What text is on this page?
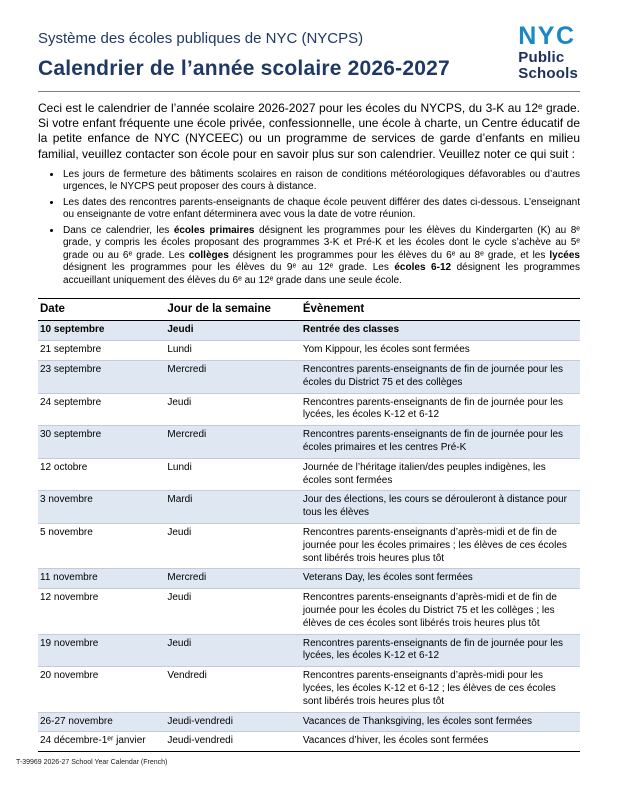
Système des écoles publiques de NYC (NYCPS)
Calendrier de l’année scolaire 2026-2027
NYC
Public
Schools

Ceci est le calendrier de l’année scolaire 2026-2027 pour les écoles du NYCPS, du 3-K au 12ᵉ grade. Si votre enfant fréquente une école privée, confessionnelle, une école à charte, un Centre éducatif de la petite enfance de NYC (NYCEEC) ou un programme de services de garde d’enfants en milieu familial, veuillez contacter son école pour en savoir plus sur son calendrier. Veuillez noter ce qui suit :

• Les jours de fermeture des bâtiments scolaires en raison de conditions météorologiques défavorables ou d’autres urgences, le NYCPS peut proposer des cours à distance.
• Les dates des rencontres parents-enseignants de chaque école peuvent différer des dates ci-dessous. L’enseignant ou enseignante de votre enfant déterminera avec vous la date de votre réunion.
• Dans ce calendrier, les écoles primaires désignent les programmes pour les élèves du Kindergarten (K) au 8ᵉ grade, y compris les écoles proposant des programmes 3-K et Pré-K et les écoles dont le cycle s’achève au 5ᵉ grade ou au 6ᵉ grade. Les collèges désignent les programmes pour les élèves du 6ᵉ au 8ᵉ grade, et les lycées désignent les programmes pour les élèves du 9ᵉ au 12ᵉ grade. Les écoles 6-12 désignent les programmes accueillant uniquement des élèves du 6ᵉ au 12ᵉ grade dans une seule école.
Date	Jour de la semaine	Évènement
10 septembre	Jeudi	Rentrée des classes
21 septembre	Lundi	Yom Kippour, les écoles sont fermées
23 septembre	Mercredi	Rencontres parents-enseignants de fin de journée pour les écoles du District 75 et des collèges
24 septembre	Jeudi	Rencontres parents-enseignants de fin de journée pour les lycées, les écoles K-12 et 6-12
30 septembre	Mercredi	Rencontres parents-enseignants de fin de journée pour les écoles primaires et les centres Pré-K
12 octobre	Lundi	Journée de l’héritage italien/des peuples indigènes, les écoles sont fermées
3 novembre	Mardi	Jour des élections, les cours se dérouleront à distance pour tous les élèves
5 novembre	Jeudi	Rencontres parents-enseignants d’après-midi et de fin de journée pour les écoles primaires ; les élèves de ces écoles sont libérés trois heures plus tôt
11 novembre	Mercredi	Veterans Day, les écoles sont fermées
12 novembre	Jeudi	Rencontres parents-enseignants d’après-midi et de fin de journée pour les écoles du District 75 et les collèges ; les élèves de ces écoles sont libérés trois heures plus tôt
19 novembre	Jeudi	Rencontres parents-enseignants de fin de journée pour les lycées, les écoles K-12 et 6-12
20 novembre	Vendredi	Rencontres parents-enseignants d’après-midi pour les lycées, les écoles K-12 et 6-12 ; les élèves de ces écoles sont libérés trois heures plus tôt
26-27 novembre	Jeudi-vendredi	Vacances de Thanksgiving, les écoles sont fermées
24 décembre-1ᵉʳ janvier	Jeudi-vendredi	Vacances d’hiver, les écoles sont fermées
T-39969 2026-27 School Year Calendar (French)
